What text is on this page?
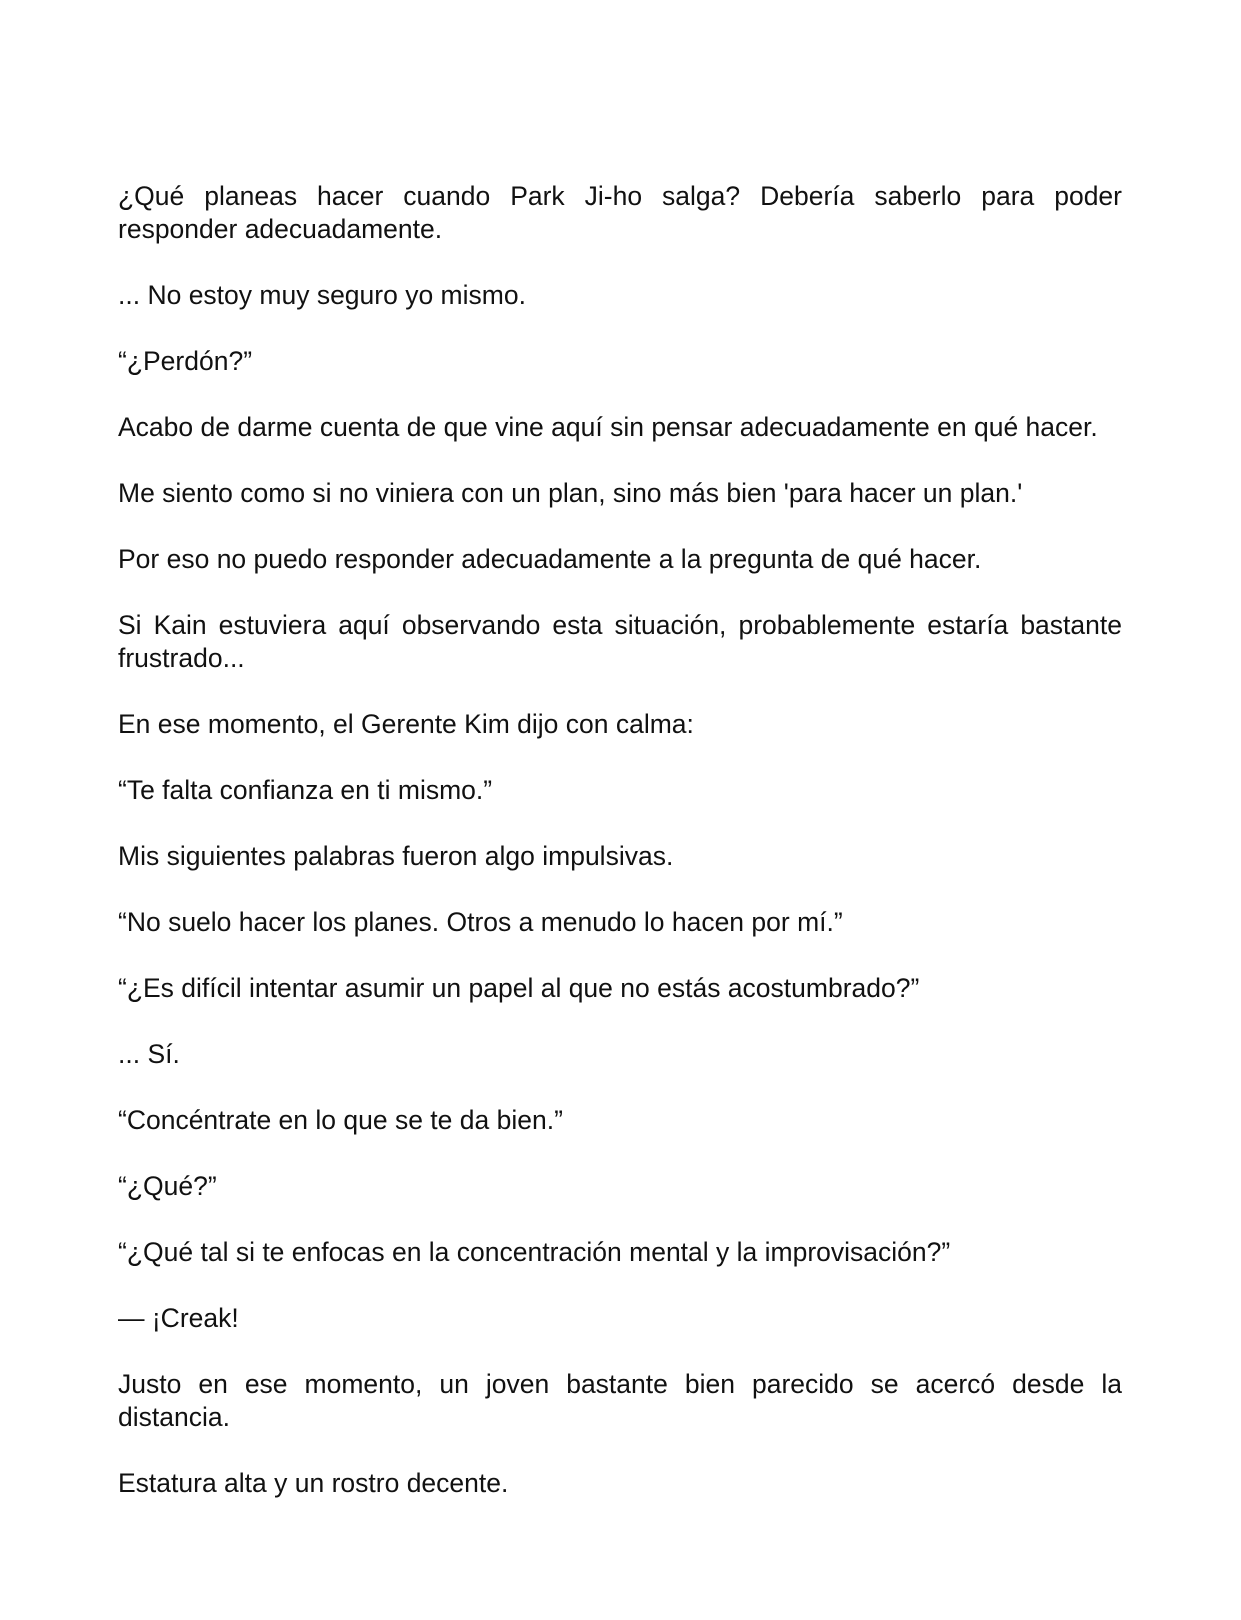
¿Qué planeas hacer cuando Park Ji-ho salga? Debería saberlo para poder responder adecuadamente.

... No estoy muy seguro yo mismo.

“¿Perdón?”

Acabo de darme cuenta de que vine aquí sin pensar adecuadamente en qué hacer.

Me siento como si no viniera con un plan, sino más bien 'para hacer un plan.'

Por eso no puedo responder adecuadamente a la pregunta de qué hacer.

Si Kain estuviera aquí observando esta situación, probablemente estaría bastante frustrado...

En ese momento, el Gerente Kim dijo con calma:

“Te falta confianza en ti mismo.”

Mis siguientes palabras fueron algo impulsivas.

“No suelo hacer los planes. Otros a menudo lo hacen por mí.”

“¿Es difícil intentar asumir un papel al que no estás acostumbrado?”

... Sí.

“Concéntrate en lo que se te da bien.”

“¿Qué?”

“¿Qué tal si te enfocas en la concentración mental y la improvisación?”

— ¡Creak!

Justo en ese momento, un joven bastante bien parecido se acercó desde la distancia.

Estatura alta y un rostro decente.
